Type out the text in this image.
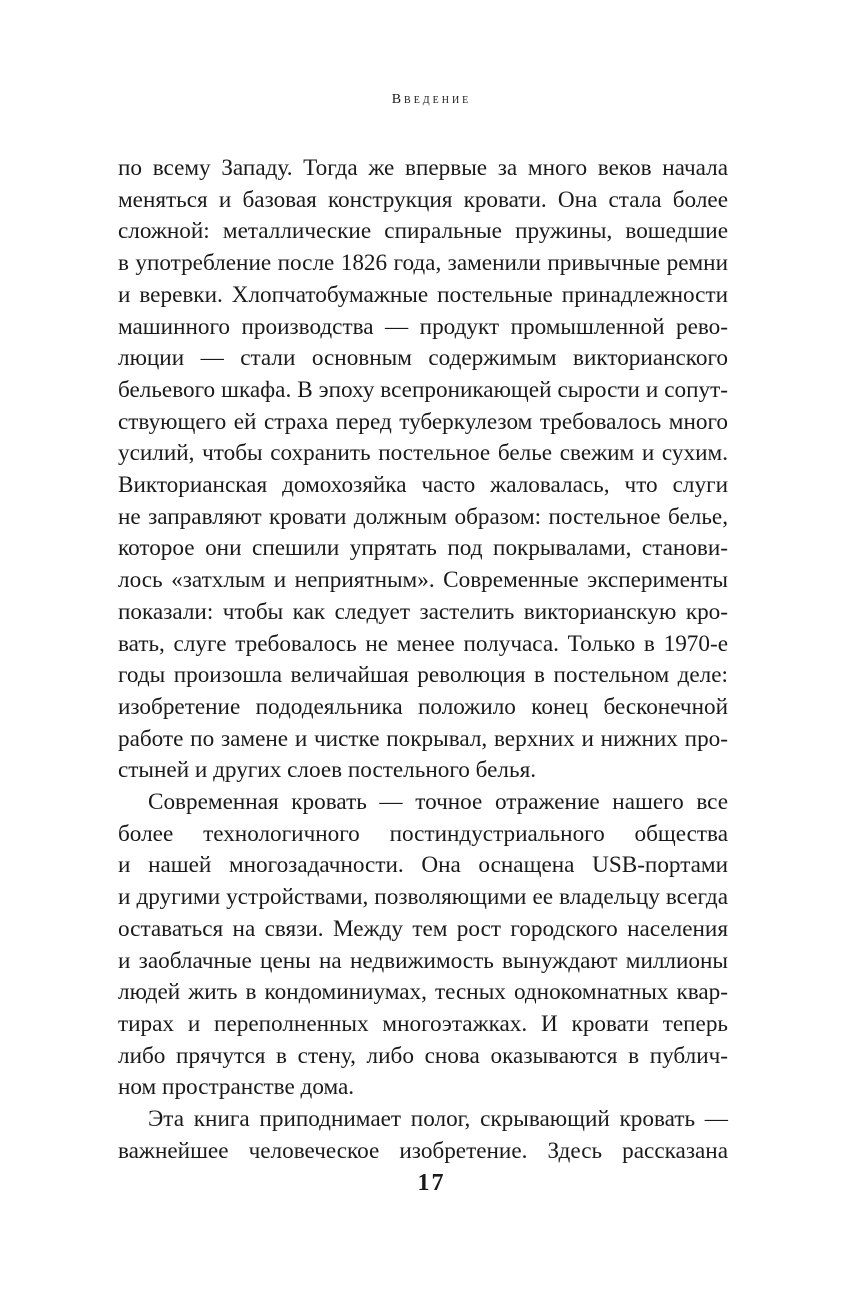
Введение
по всему Западу. Тогда же впервые за много веков начала
меняться и базовая конструкция кровати. Она стала более
сложной: металлические спиральные пружины, вошедшие
в употребление после 1826 года, заменили привычные ремни
и веревки. Хлопчатобумажные постельные принадлежности
машинного производства — продукт промышленной рево-
люции — стали основным содержимым викторианского
бельевого шкафа. В эпоху всепроникающей сырости и сопут-
ствующего ей страха перед туберкулезом требовалось много
усилий, чтобы сохранить постельное белье свежим и сухим.
Викторианская домохозяйка часто жаловалась, что слуги
не заправляют кровати должным образом: постельное белье,
которое они спешили упрятать под покрывалами, станови-
лось «затхлым и неприятным». Современные эксперименты
показали: чтобы как следует застелить викторианскую кро-
вать, слуге требовалось не менее получаса. Только в 1970-е
годы произошла величайшая революция в постельном деле:
изобретение пододеяльника положило конец бесконечной
работе по замене и чистке покрывал, верхних и нижних про-
стыней и других слоев постельного белья.
Современная кровать — точное отражение нашего все
более технологичного постиндустриального общества
и нашей многозадачности. Она оснащена USB-портами
и другими устройствами, позволяющими ее владельцу всегда
оставаться на связи. Между тем рост городского населения
и заоблачные цены на недвижимость вынуждают миллионы
людей жить в кондоминиумах, тесных однокомнатных квар-
тирах и переполненных многоэтажках. И кровати теперь
либо прячутся в стену, либо снова оказываются в публич-
ном пространстве дома.
Эта книга приподнимает полог, скрывающий кровать —
важнейшее человеческое изобретение. Здесь рассказана
17
